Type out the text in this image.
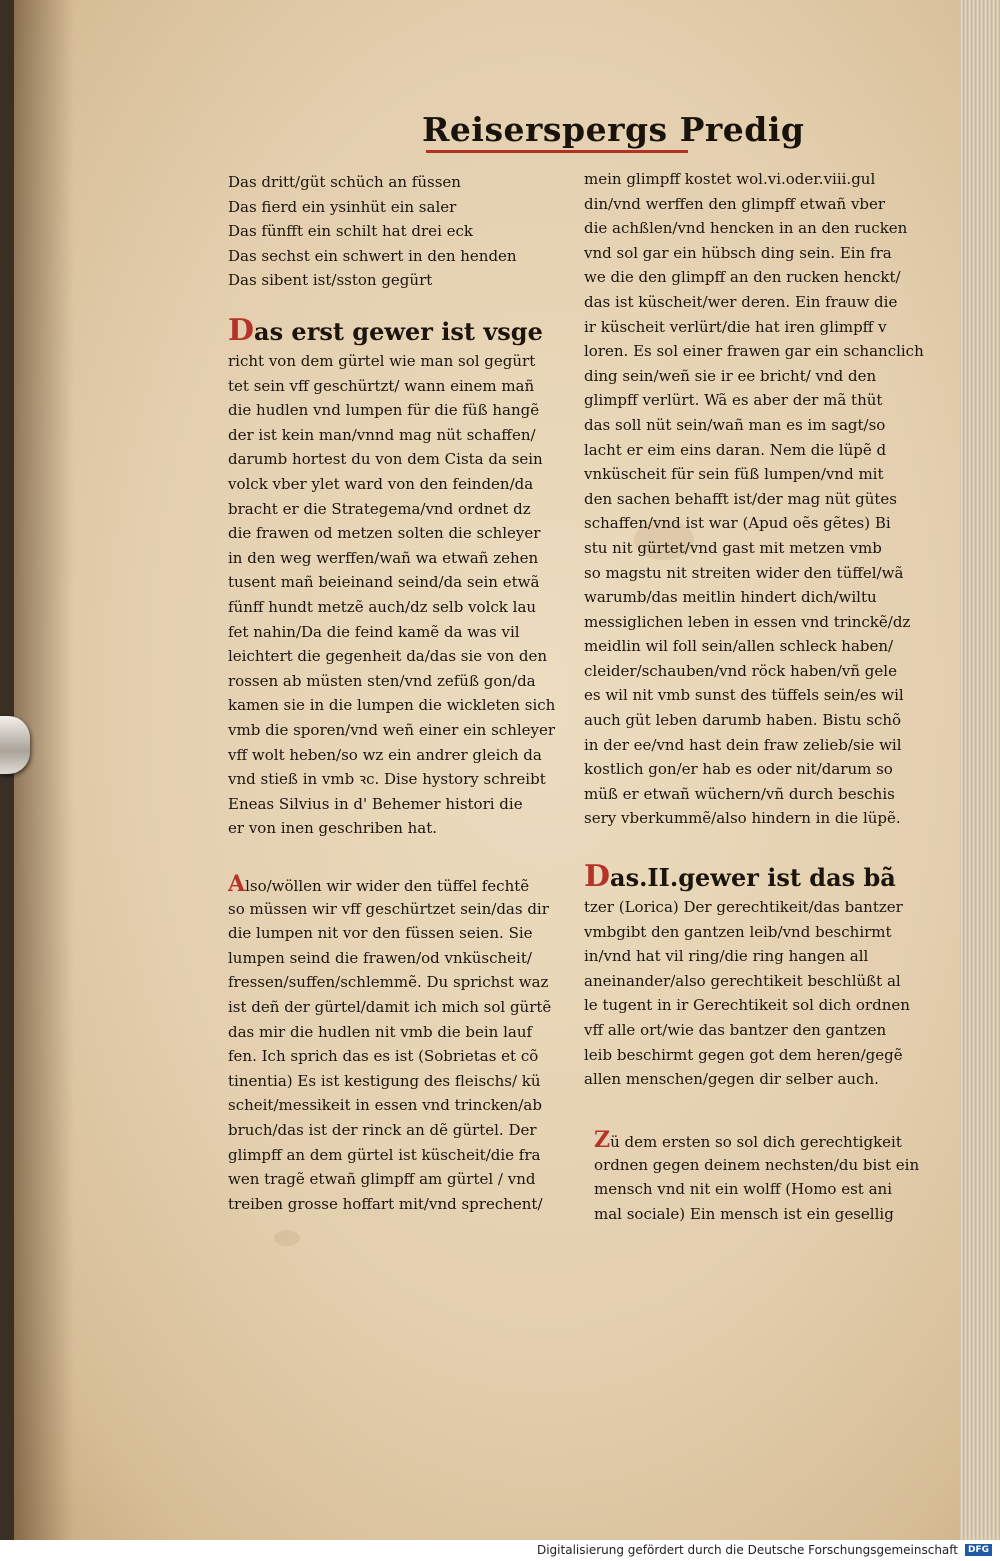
Reiserspergs Predig
Das dritt/güt schüch an füssen
Das fierd ein ysinhüt ein saler
Das fünfft ein schilt hat drei eck
Das sechst ein schwert in den henden
Das sibent ist/sston gegürt
Das erst gewer ist vsge
richt von dem gürtel wie man sol gegürt
tet sein vff geschürtzt/ wann einem mañ
die hudlen vnd lumpen für die füß hangẽ
der ist kein man/vnnd mag nüt schaffen/
darumb hortest du von dem Cista da sein
volck vber ylet ward von den feinden/da
bracht er die Strategema/vnd ordnet dz
die frawen od metzen solten die schleyer
in den weg werffen/wañ wa etwañ zehen
tusent mañ beieinand seind/da sein etwã
fünff hundt metzẽ auch/dz selb volck lau
fet nahin/Da die feind kamẽ da was vil
leichtert die gegenheit da/das sie von den
rossen ab müsten sten/vnd zefüß gon/da
kamen sie in die lumpen die wickleten sich
vmb die sporen/vnd weñ einer ein schleyer
vff wolt heben/so wz ein andrer gleich da
vnd stieß in vmb ꝛc. Dise hystory schreibt
Eneas Silvius in d' Behemer histori die
er von inen geschriben hat.
Also/wöllen wir wider den tüffel fechtẽ
so müssen wir vff geschürtzet sein/das dir
die lumpen nit vor den füssen seien. Sie
lumpen seind die frawen/od vnküscheit/
fressen/suffen/schlemmẽ. Du sprichst waz
ist deñ der gürtel/damit ich mich sol gürtẽ
das mir die hudlen nit vmb die bein lauf
fen. Ich sprich das es ist (Sobrietas et cõ
tinentia) Es ist kestigung des fleischs/ kü
scheit/messikeit in essen vnd trincken/ab
bruch/das ist der rinck an dẽ gürtel. Der
glimpff an dem gürtel ist küscheit/die fra
wen tragẽ etwañ glimpff am gürtel / vnd
treiben grosse hoffart mit/vnd sprechent/
mein glimpff kostet wol.vi.oder.viii.gul
din/vnd werffen den glimpff etwañ vber
die achßlen/vnd hencken in an den rucken
vnd sol gar ein hübsch ding sein. Ein fra
we die den glimpff an den rucken henckt/
das ist küscheit/wer deren. Ein frauw die
ir küscheit verlürt/die hat iren glimpff v
loren. Es sol einer frawen gar ein schanclich
ding sein/weñ sie ir ee bricht/ vnd den
glimpff verlürt. Wã es aber der mã thüt
das soll nüt sein/wañ man es im sagt/so
lacht er eim eins daran. Nem die lüpẽ d
vnküscheit für sein füß lumpen/vnd mit
den sachen behafft ist/der mag nüt gütes
schaffen/vnd ist war (Apud oẽs gẽtes) Bi
stu nit gürtet/vnd gast mit metzen vmb
so magstu nit streiten wider den tüffel/wã
warumb/das meitlin hindert dich/wiltu
messiglichen leben in essen vnd trinckẽ/dz
meidlin wil foll sein/allen schleck haben/
cleider/schauben/vnd röck haben/vñ gele
es wil nit vmb sunst des tüffels sein/es wil
auch güt leben darumb haben. Bistu schõ
in der ee/vnd hast dein fraw zelieb/sie wil
kostlich gon/er hab es oder nit/darum so
müß er etwañ wüchern/vñ durch beschis
sery vberkummẽ/also hindern in die lüpẽ.
Das.II.gewer ist das bã
tzer (Lorica) Der gerechtikeit/das bantzer
vmbgibt den gantzen leib/vnd beschirmt
in/vnd hat vil ring/die ring hangen all
aneinander/also gerechtikeit beschlüßt al
le tugent in ir Gerechtikeit sol dich ordnen
vff alle ort/wie das bantzer den gantzen
leib beschirmt gegen got dem heren/gegẽ
allen menschen/gegen dir selber auch.
Zü dem ersten so sol dich gerechtigkeit
ordnen gegen deinem nechsten/du bist ein
mensch vnd nit ein wolff (Homo est ani
mal sociale) Ein mensch ist ein gesellig
Digitalisierung gefördert durch die Deutsche Forschungsgemeinschaft	DFG
